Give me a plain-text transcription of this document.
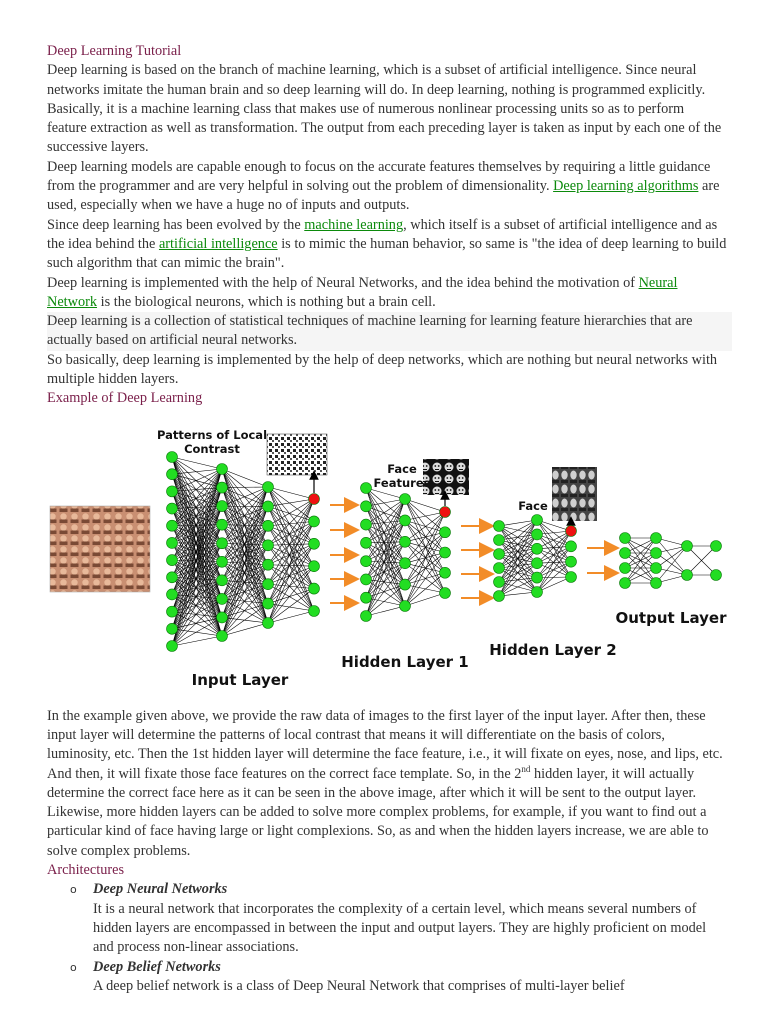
Deep Learning Tutorial

Deep learning is based on the branch of machine learning, which is a subset of artificial intelligence. Since neural networks imitate the human brain and so deep learning will do. In deep learning, nothing is programmed explicitly. Basically, it is a machine learning class that makes use of numerous nonlinear processing units so as to perform feature extraction as well as transformation. The output from each preceding layer is taken as input by each one of the successive layers.

Deep learning models are capable enough to focus on the accurate features themselves by requiring a little guidance from the programmer and are very helpful in solving out the problem of dimensionality. Deep learning algorithms are used, especially when we have a huge no of inputs and outputs.

Since deep learning has been evolved by the machine learning, which itself is a subset of artificial intelligence and as the idea behind the artificial intelligence is to mimic the human behavior, so same is "the idea of deep learning to build such algorithm that can mimic the brain".

Deep learning is implemented with the help of Neural Networks, and the idea behind the motivation of Neural Network is the biological neurons, which is nothing but a brain cell.

Deep learning is a collection of statistical techniques of machine learning for learning feature hierarchies that are actually based on artificial neural networks.

So basically, deep learning is implemented by the help of deep networks, which are nothing but neural networks with multiple hidden layers.

Example of Deep Learning

Patterns of Local
Contrast
Face
Features
Face
Input Layer
Hidden Layer 1
Hidden Layer 2
Output Layer

In the example given above, we provide the raw data of images to the first layer of the input layer. After then, these input layer will determine the patterns of local contrast that means it will differentiate on the basis of colors, luminosity, etc. Then the 1st hidden layer will determine the face feature, i.e., it will fixate on eyes, nose, and lips, etc. And then, it will fixate those face features on the correct face template. So, in the 2nd hidden layer, it will actually determine the correct face here as it can be seen in the above image, after which it will be sent to the output layer. Likewise, more hidden layers can be added to solve more complex problems, for example, if you want to find out a particular kind of face having large or light complexions. So, as and when the hidden layers increase, we are able to solve complex problems.

Architectures

o Deep Neural Networks
It is a neural network that incorporates the complexity of a certain level, which means several numbers of hidden layers are encompassed in between the input and output layers. They are highly proficient on model and process non-linear associations.
o Deep Belief Networks
A deep belief network is a class of Deep Neural Network that comprises of multi-layer belief
